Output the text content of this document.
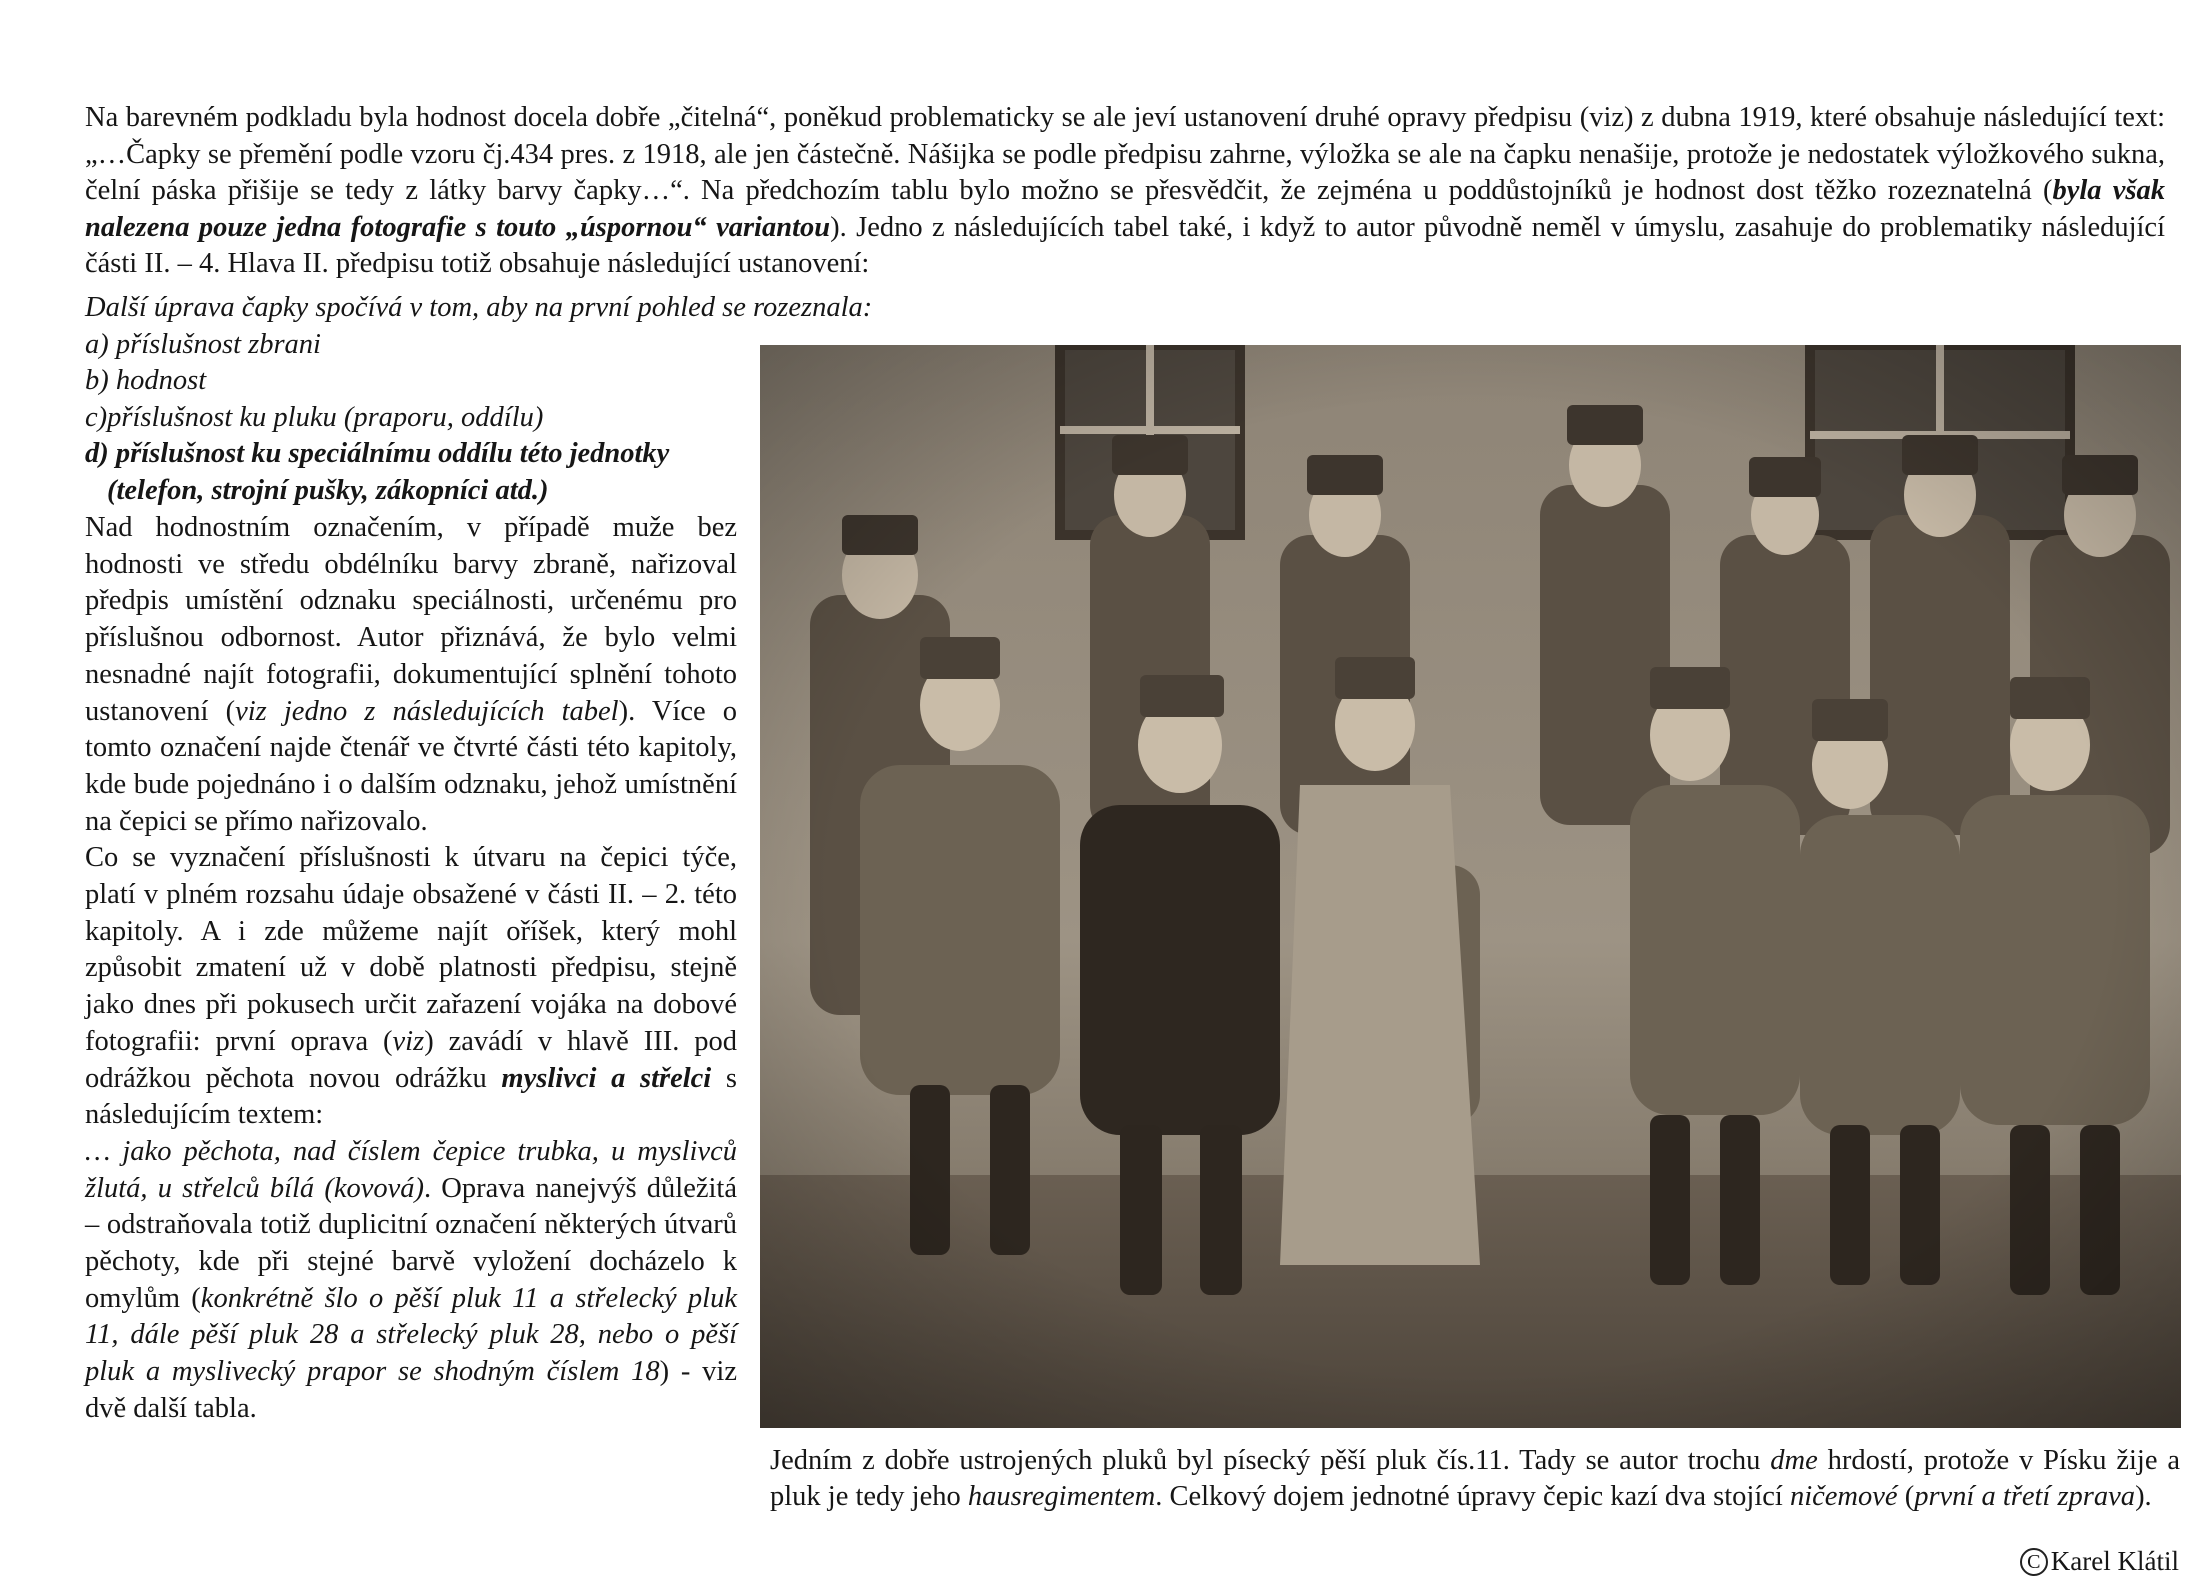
Na barevném podkladu byla hodnost docela dobře „čitelná“, poněkud problematicky se ale jeví ustanovení druhé opravy předpisu (viz) z dubna 1919, které obsahuje následující text: „…Čapky se přemění podle vzoru čj.434 pres. z 1918, ale jen částečně. Nášijka se podle předpisu zahrne, výložka se ale na čapku nenašije, protože je nedostatek výložkového sukna, čelní páska přišije se tedy z látky barvy čapky…“. Na předchozím tablu bylo možno se přesvědčit, že zejména u poddůstojníků je hodnost dost těžko rozeznatelná (byla však nalezena pouze jedna fotografie s touto „úspornou“ variantou). Jedno z následujících tabel také, i když to autor původně neměl v úmyslu, zasahuje do problematiky následující části II. – 4. Hlava II. předpisu totiž obsahuje následující ustanovení:

Další úprava čapky spočívá v tom, aby na první pohled se rozeznala:
a) příslušnost zbrani
b) hodnost
c)příslušnost ku pluku (praporu, oddílu)
d) příslušnost ku speciálnímu oddílu této jednotky
(telefon, strojní pušky, zákopníci atd.)

Nad hodnostním označením, v případě muže bez hodnosti ve středu obdélníku barvy zbraně, nařizoval předpis umístění odznaku speciálnosti, určenému pro příslušnou odbornost. Autor přiznává, že bylo velmi nesnadné najít fotografii, dokumentující splnění tohoto ustanovení (viz jedno z následujících tabel). Více o tomto označení najde čtenář ve čtvrté části této kapitoly, kde bude pojednáno i o dalším odznaku, jehož umístnění na čepici se přímo nařizovalo.

Co se vyznačení příslušnosti k útvaru na čepici týče, platí v plném rozsahu údaje obsažené v části II. – 2. této kapitoly. A i zde můžeme najít oříšek, který mohl způsobit zmatení už v době platnosti předpisu, stejně jako dnes při pokusech určit zařazení vojáka na dobové fotografii: první oprava (viz) zavádí v hlavě III. pod odrážkou pěchota novou odrážku myslivci a střelci s následujícím textem:

… jako pěchota, nad číslem čepice trubka, u myslivců žlutá, u střelců bílá (kovová). Oprava nanejvýš důležitá – odstraňovala totiž duplicitní označení některých útvarů pěchoty, kde při stejné barvě vyložení docházelo k omylům (konkrétně šlo o pěší pluk 11 a střelecký pluk 11, dále pěší pluk 28 a střelecký pluk 28, nebo o pěší pluk a myslivecký prapor se shodným číslem 18) - viz dvě další tabla.

Jedním z dobře ustrojených pluků byl písecký pěší pluk čís.11. Tady se autor trochu dme hrdostí, protože v Písku žije a pluk je tedy jeho hausregimentem. Celkový dojem jednotné úpravy čepic kazí dva stojící ničemové (první a třetí zprava).

C Karel Klátil
